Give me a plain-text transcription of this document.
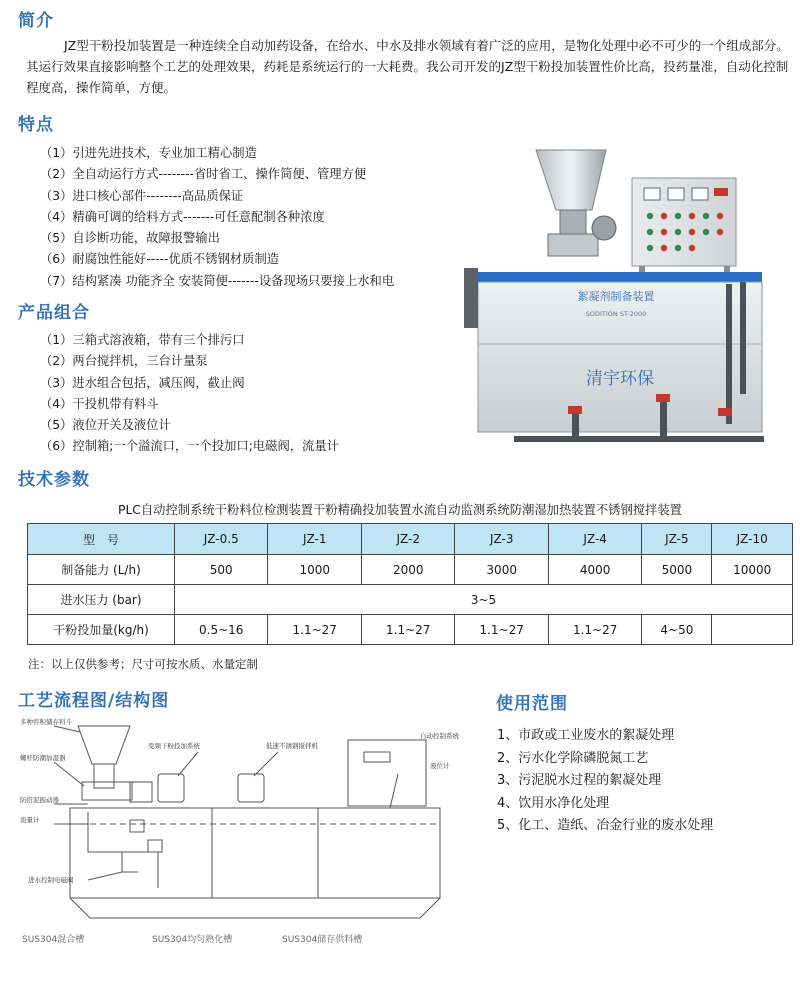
简介
JZ型干粉投加装置是一种连续全自动加药设备，在给水、中水及排水领域有着广泛的应用，是物化处理中必不可少的一个组成部分。其运行效果直接影响整个工艺的处理效果，药耗是系统运行的一大耗费。我公司开发的JZ型干粉投加装置性价比高，投药量准，自动化控制程度高，操作简单，方便。
特点
（1）引进先进技术，专业加工精心制造
（2）全自动运行方式--------省时省工、操作简便、管理方便
（3）进口核心部件--------高品质保证
（4）精确可调的给料方式-------可任意配制各种浓度
（5）自诊断功能，故障报警输出
（6）耐腐蚀性能好-----优质不锈钢材质制造
（7）结构紧凑 功能齐全 安装简便-------设备现场只要接上水和电
产品组合
（1）三箱式溶液箱，带有三个排污口
（2）两台搅拌机，三台计量泵
（3）进水组合包括，减压阀，截止阀
（4）干投机带有料斗
（5）液位开关及液位计
（6）控制箱;一个溢流口，一个投加口;电磁阀，流量计
絮凝剂制备装置
SODITION ST-2000
清宇环保
技术参数
PLC自动控制系统干粉料位检测装置干粉精确投加装置水流自动监测系统防潮湿加热装置不锈钢搅拌装置
型　号	JZ-0.5	JZ-1	JZ-2	JZ-3	JZ-4	JZ-5	JZ-10
制备能力 (L/h)	500	1000	2000	3000	4000	5000	10000
进水压力 (bar)	3~5						
干粉投加量(kg/h)	0.5~16	1.1~27	1.1~27	1.1~27	1.1~27	4~50	
注：以上仅供参考；尺寸可按水质、水量定制
工艺流程图/结构图
多种容积储存料斗
螺杆防潮加湿器
防搭泥振动器
流量计
变频干粉投加系统	低速不锈钢搅拌机
自动控制系统
液位计
进水控制电磁阀
SUS304混合槽	SUS304均匀熟化槽	SUS304储存供料槽
使用范围
1、市政或工业废水的絮凝处理
2、污水化学除磷脱氮工艺
3、污泥脱水过程的絮凝处理
4、饮用水净化处理
5、化工、造纸、冶金行业的废水处理
